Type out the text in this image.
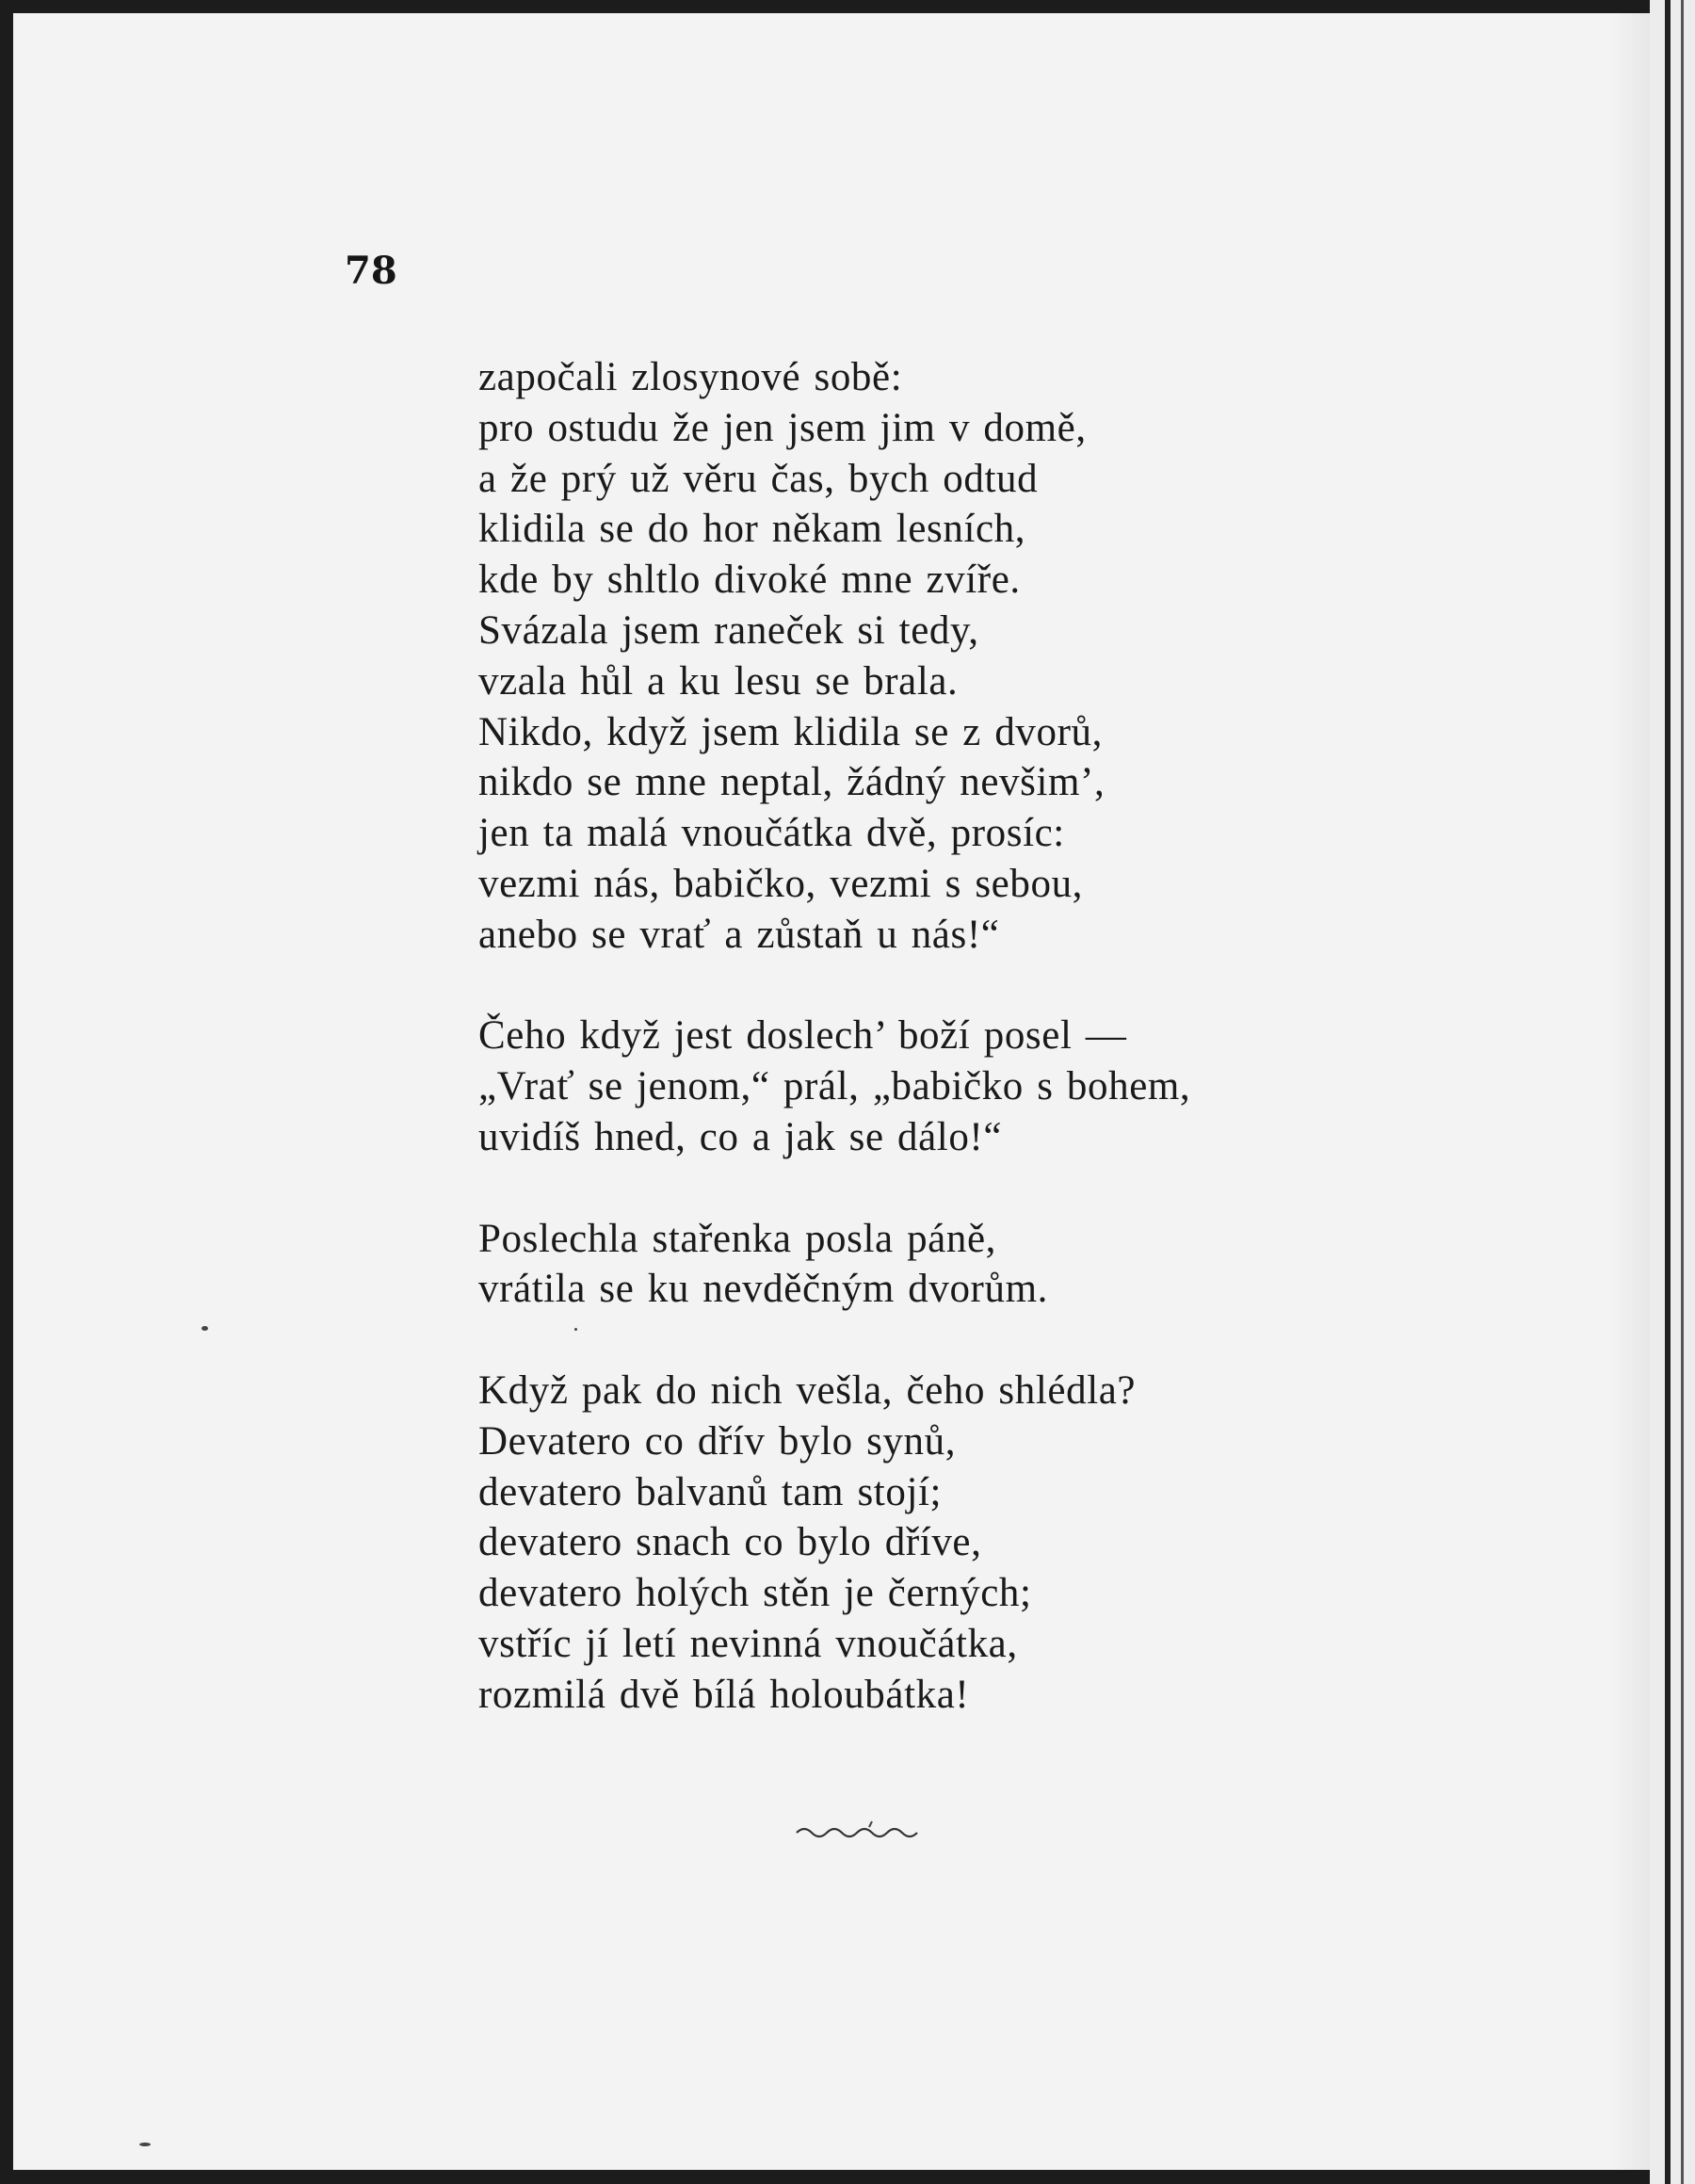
78
započali zlosynové sobě:
pro ostudu že jen jsem jim v domě,
a že prý už věru čas, bych odtud
klidila se do hor někam lesních,
kde by shltlo divoké mne zvíře.
Svázala jsem raneček si tedy,
vzala hůl a ku lesu se brala.
Nikdo, když jsem klidila se z dvorů,
nikdo se mne neptal, žádný nevšim’,
jen ta malá vnoučátka dvě, prosíc:
vezmi nás, babičko, vezmi s sebou,
anebo se vrať a zůstaň u nás!“
Čeho když jest doslech’ boží posel —
„Vrať se jenom,“ prál, „babičko s bohem,
uvidíš hned, co a jak se dálo!“
Poslechla stařenka posla páně,
vrátila se ku nevděčným dvorům.
Když pak do nich vešla, čeho shlédla?
Devatero co dřív bylo synů,
devatero balvanů tam stojí;
devatero snach co bylo dříve,
devatero holých stěn je černých;
vstříc jí letí nevinná vnoučátka,
rozmilá dvě bílá holoubátka!
